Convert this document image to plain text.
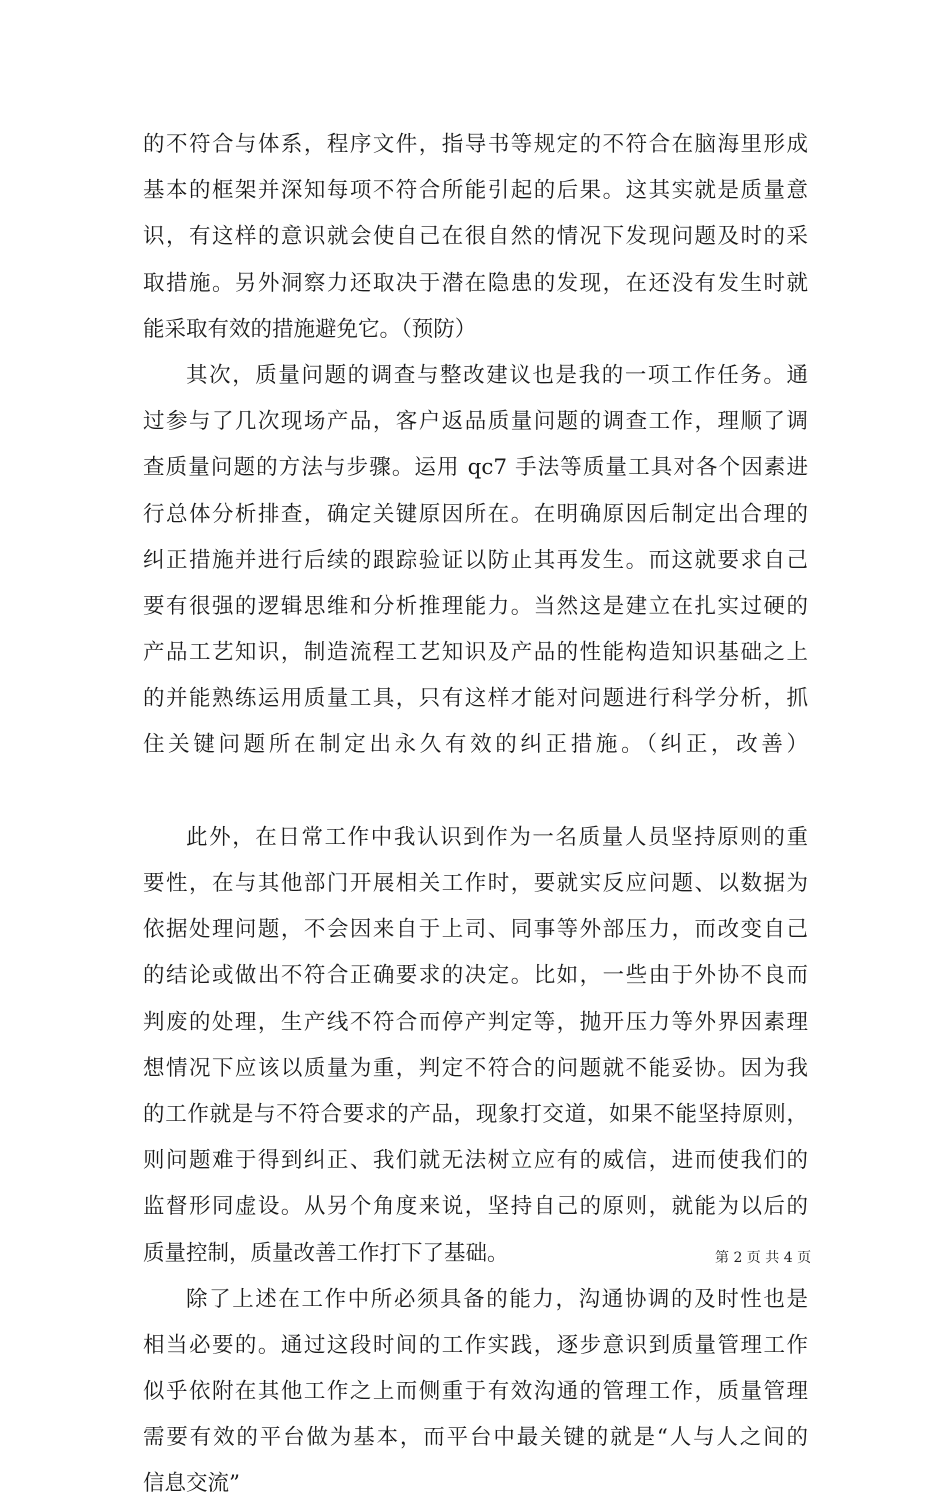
的不符合与体系，程序文件，指导书等规定的不符合在脑海里形成
基本的框架并深知每项不符合所能引起的后果。这其实就是质量意
识，有这样的意识就会使自己在很自然的情况下发现问题及时的采
取措施。另外洞察力还取决于潜在隐患的发现，在还没有发生时就
能采取有效的措施避免它。（预防）
其次，质量问题的调查与整改建议也是我的一项工作任务。通
过参与了几次现场产品，客户返品质量问题的调查工作，理顺了调
查质量问题的方法与步骤。运用 qc7 手法等质量工具对各个因素进
行总体分析排查，确定关键原因所在。在明确原因后制定出合理的
纠正措施并进行后续的跟踪验证以防止其再发生。而这就要求自己
要有很强的逻辑思维和分析推理能力。当然这是建立在扎实过硬的
产品工艺知识，制造流程工艺知识及产品的性能构造知识基础之上
的并能熟练运用质量工具，只有这样才能对问题进行科学分析，抓
住关键问题所在制定出永久有效的纠正措施。（纠正，改善）
此外，在日常工作中我认识到作为一名质量人员坚持原则的重
要性，在与其他部门开展相关工作时，要就实反应问题、以数据为
依据处理问题，不会因来自于上司、同事等外部压力，而改变自己
的结论或做出不符合正确要求的决定。比如，一些由于外协不良而
判废的处理，生产线不符合而停产判定等，抛开压力等外界因素理
想情况下应该以质量为重，判定不符合的问题就不能妥协。因为我
的工作就是与不符合要求的产品，现象打交道，如果不能坚持原则，
则问题难于得到纠正、我们就无法树立应有的威信，进而使我们的
监督形同虚设。从另个角度来说，坚持自己的原则，就能为以后的
质量控制，质量改善工作打下了基础。
除了上述在工作中所必须具备的能力，沟通协调的及时性也是
相当必要的。通过这段时间的工作实践，逐步意识到质量管理工作
似乎依附在其他工作之上而侧重于有效沟通的管理工作，质量管理
需要有效的平台做为基本，而平台中最关键的就是“人与人之间的
信息交流”
第 2 页 共 4 页
